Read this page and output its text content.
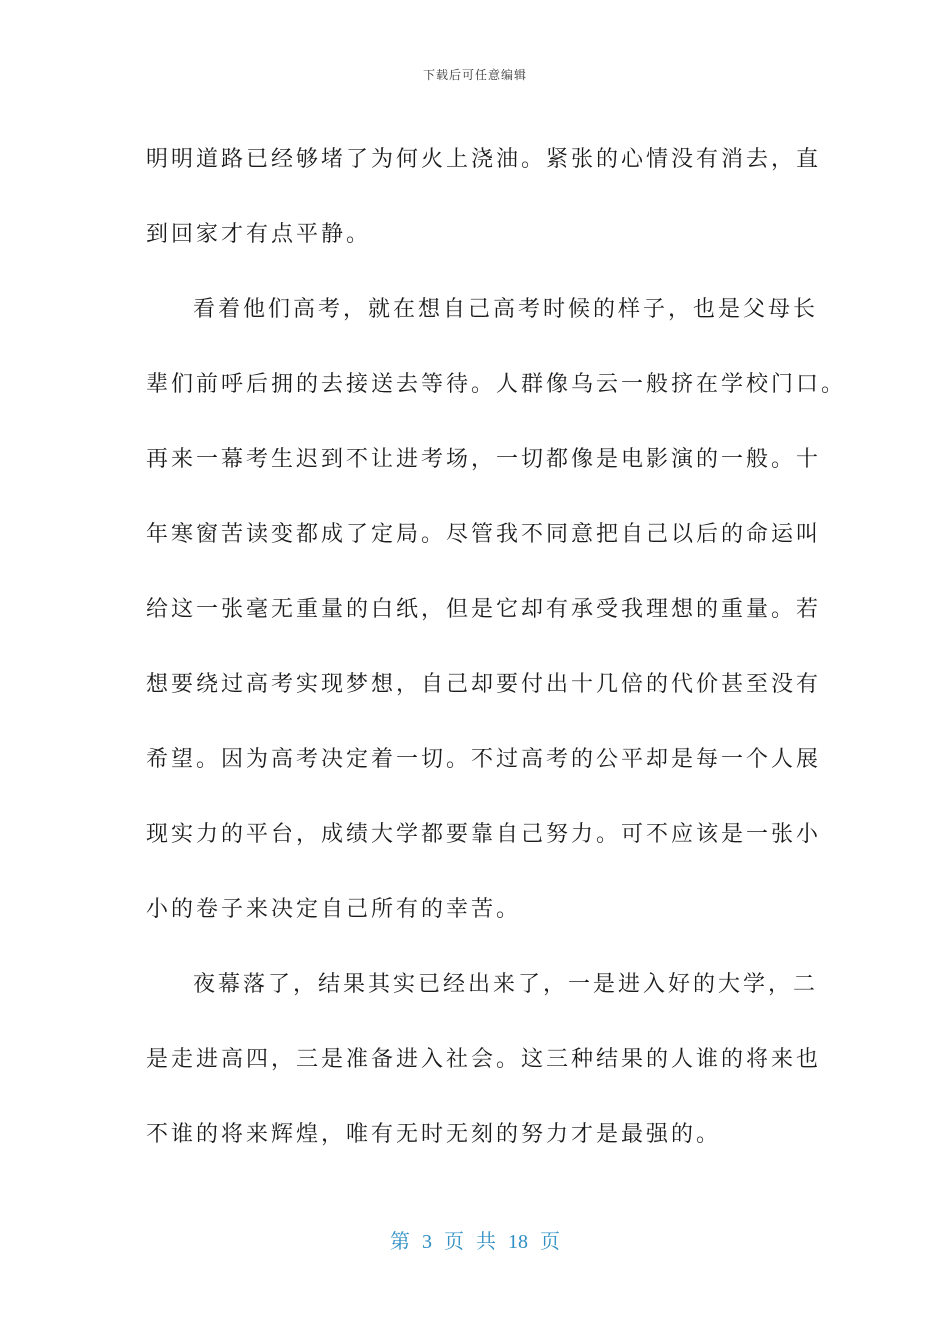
下载后可任意编辑
明明道路已经够堵了为何火上浇油。紧张的心情没有消去，直
到回家才有点平静。
看着他们高考，就在想自己高考时候的样子，也是父母长
辈们前呼后拥的去接送去等待。人群像乌云一般挤在学校门口。
再来一幕考生迟到不让进考场，一切都像是电影演的一般。十
年寒窗苦读变都成了定局。尽管我不同意把自己以后的命运叫
给这一张毫无重量的白纸，但是它却有承受我理想的重量。若
想要绕过高考实现梦想，自己却要付出十几倍的代价甚至没有
希望。因为高考决定着一切。不过高考的公平却是每一个人展
现实力的平台，成绩大学都要靠自己努力。可不应该是一张小
小的卷子来决定自己所有的幸苦。
夜幕落了，结果其实已经出来了，一是进入好的大学，二
是走进高四，三是准备进入社会。这三种结果的人谁的将来也
不谁的将来辉煌，唯有无时无刻的努力才是最强的。
第 3 页 共 18 页
